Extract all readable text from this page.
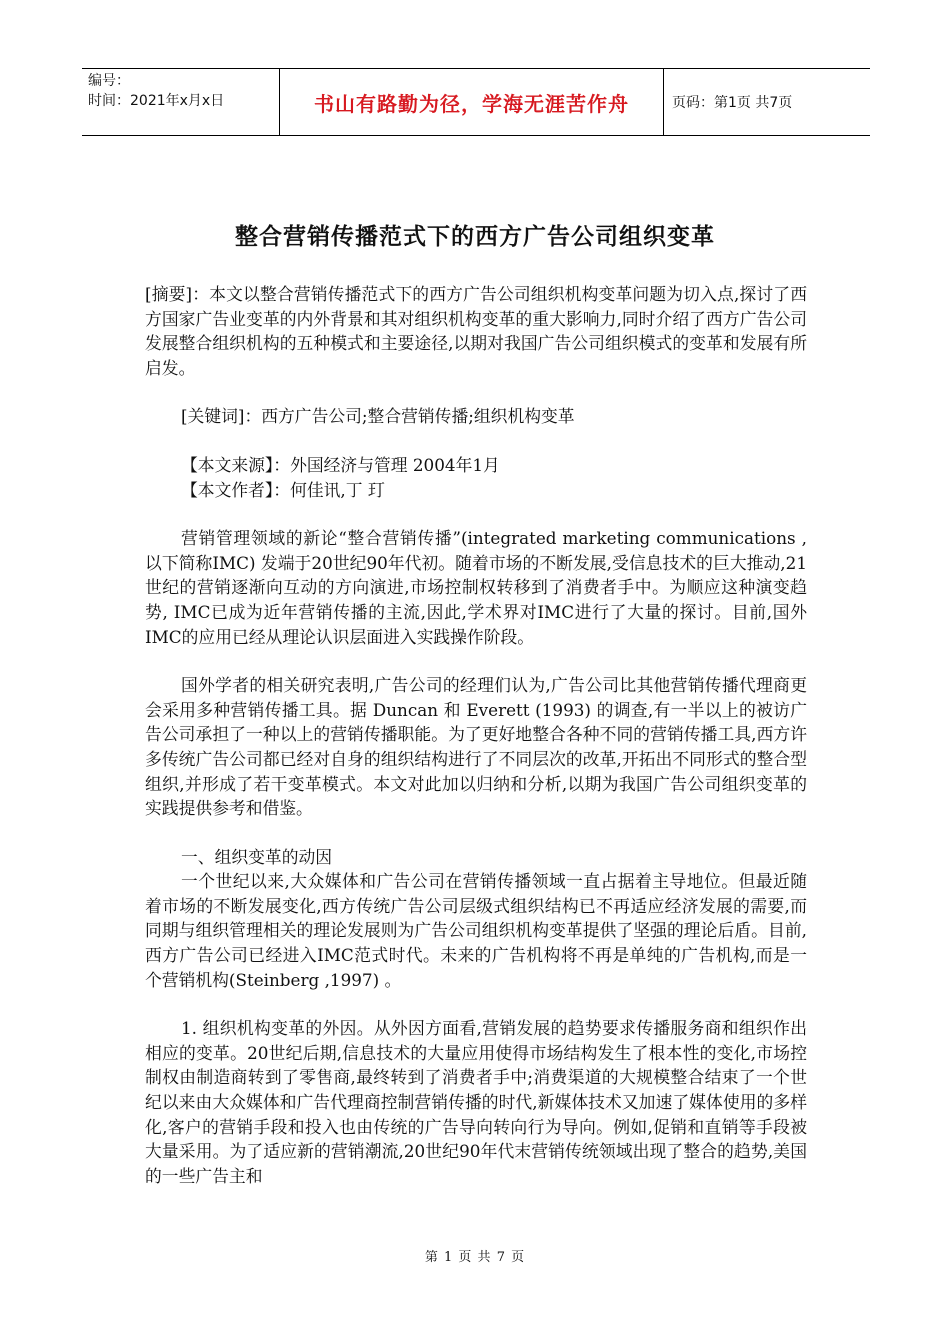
编号：
时间：2021年x月x日	书山有路勤为径，学海无涯苦作舟	页码：第1页 共7页
整合营销传播范式下的西方广告公司组织变革

[摘要]：本文以整合营销传播范式下的西方广告公司组织机构变革问题为切入点,探讨了西方国家广告业变革的内外背景和其对组织机构变革的重大影响力,同时介绍了西方广告公司发展整合组织机构的五种模式和主要途径,以期对我国广告公司组织模式的变革和发展有所启发。

[关键词]：西方广告公司;整合营销传播;组织机构变革

【本文来源】：外国经济与管理 2004年1月

【本文作者】：何佳讯,丁 玎

营销管理领域的新论“整合营销传播”(integrated marketing communications ,以下简称IMC) 发端于20世纪90年代初。随着市场的不断发展,受信息技术的巨大推动,21世纪的营销逐渐向互动的方向演进,市场控制权转移到了消费者手中。为顺应这种演变趋势, IMC已成为近年营销传播的主流,因此,学术界对IMC进行了大量的探讨。目前,国外IMC的应用已经从理论认识层面进入实践操作阶段。

国外学者的相关研究表明,广告公司的经理们认为,广告公司比其他营销传播代理商更会采用多种营销传播工具。据 Duncan 和 Everett (1993) 的调查,有一半以上的被访广告公司承担了一种以上的营销传播职能。为了更好地整合各种不同的营销传播工具,西方许多传统广告公司都已经对自身的组织结构进行了不同层次的改革,开拓出不同形式的整合型组织,并形成了若干变革模式。本文对此加以归纳和分析,以期为我国广告公司组织变革的实践提供参考和借鉴。

一、组织变革的动因

一个世纪以来,大众媒体和广告公司在营销传播领域一直占据着主导地位。但最近随着市场的不断发展变化,西方传统广告公司层级式组织结构已不再适应经济发展的需要,而同期与组织管理相关的理论发展则为广告公司组织机构变革提供了坚强的理论后盾。目前,西方广告公司已经进入IMC范式时代。未来的广告机构将不再是单纯的广告机构,而是一个营销机构(Steinberg ,1997) 。

1. 组织机构变革的外因。从外因方面看,营销发展的趋势要求传播服务商和组织作出相应的变革。20世纪后期,信息技术的大量应用使得市场结构发生了根本性的变化,市场控制权由制造商转到了零售商,最终转到了消费者手中;消费渠道的大规模整合结束了一个世纪以来由大众媒体和广告代理商控制营销传播的时代,新媒体技术又加速了媒体使用的多样化,客户的营销手段和投入也由传统的广告导向转向行为导向。例如,促销和直销等手段被大量采用。为了适应新的营销潮流,20世纪90年代末营销传统领域出现了整合的趋势,美国的一些广告主和

第 1 页 共 7 页
